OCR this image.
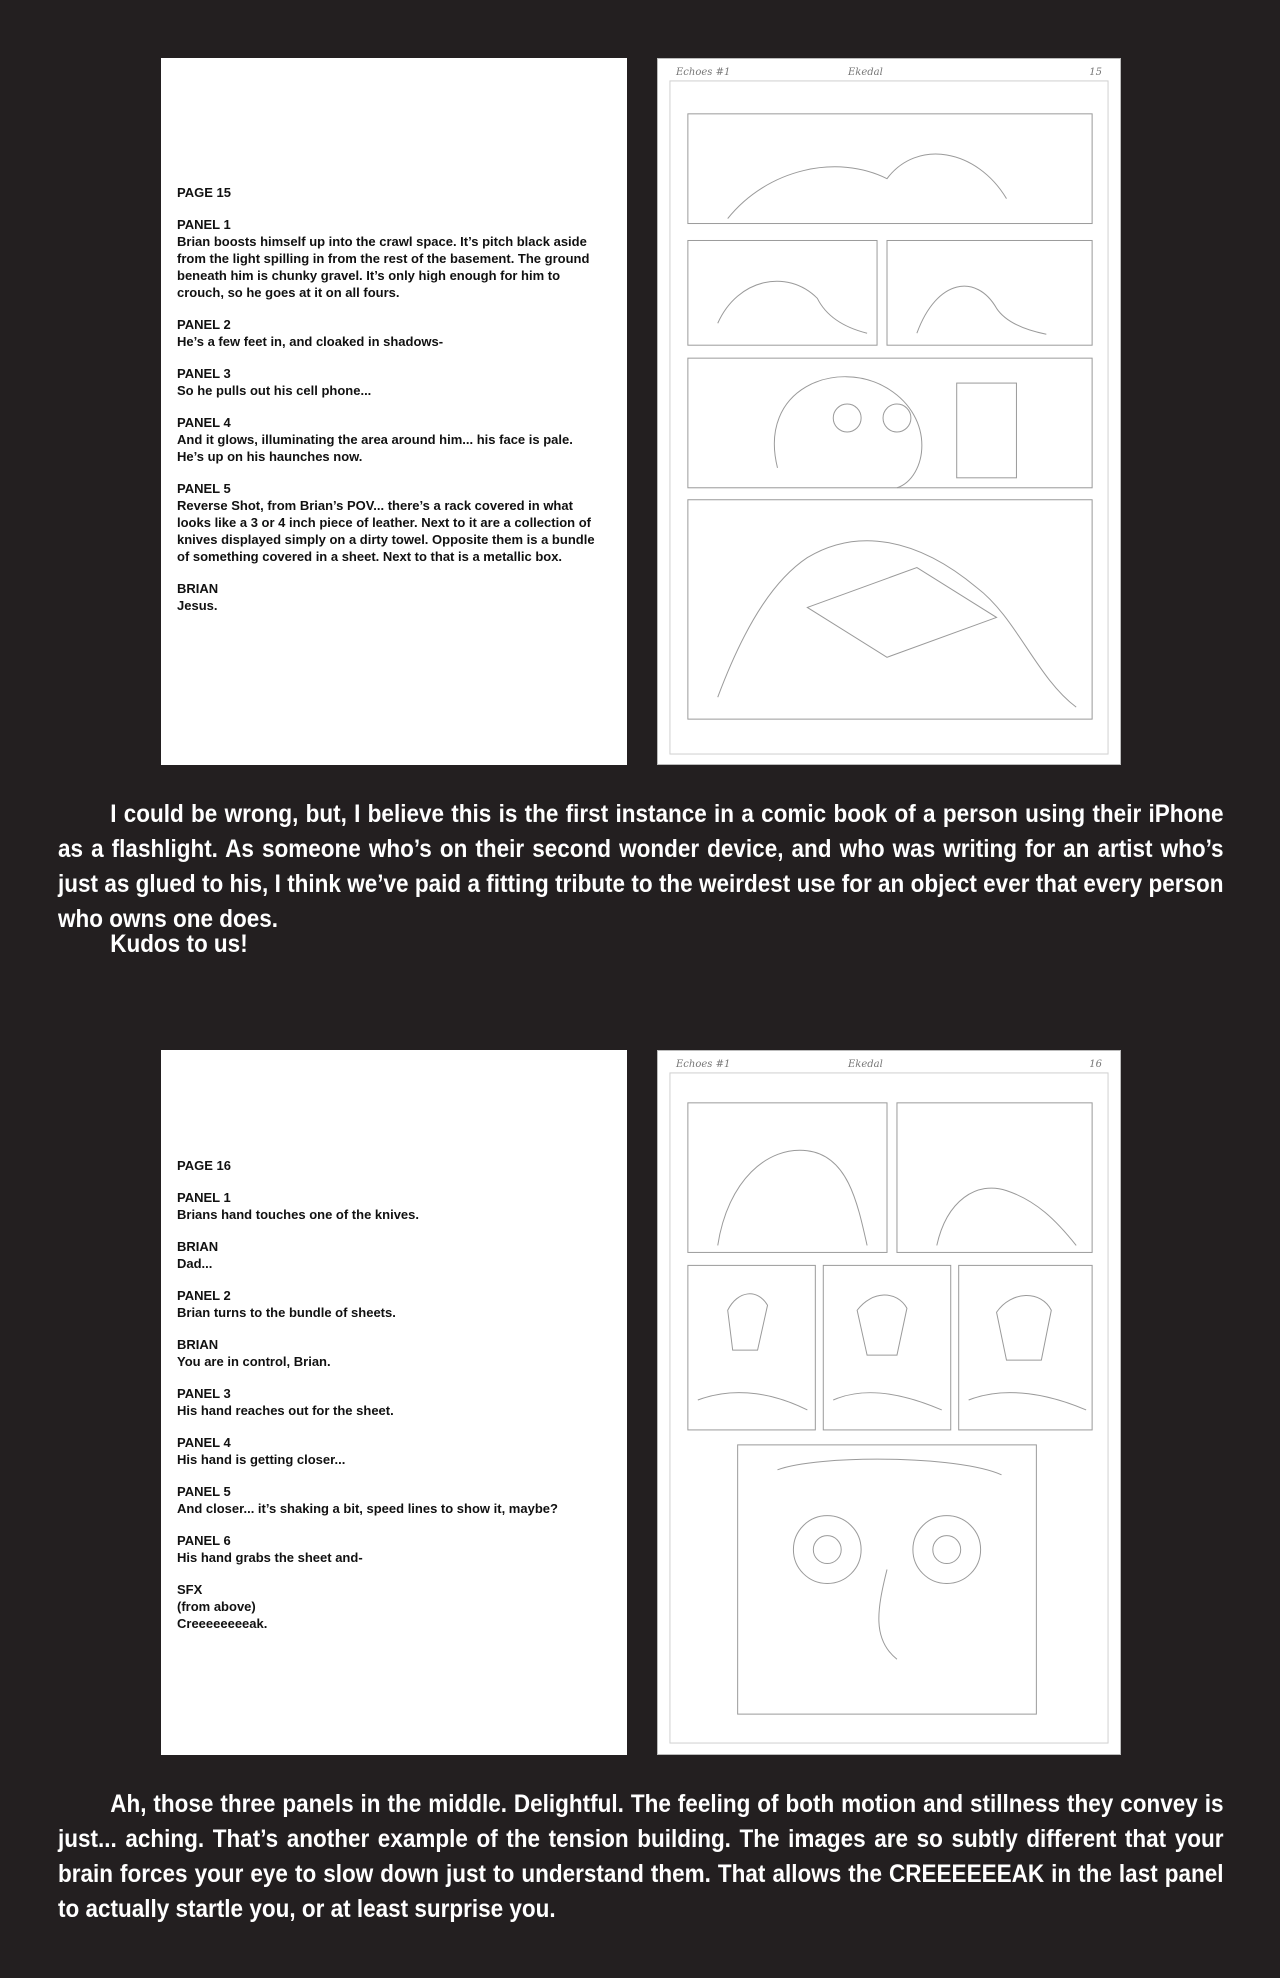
PAGE 15
PANEL 1
Brian boosts himself up into the crawl space. It’s pitch black aside from the light spilling in from the rest of the basement. The ground beneath him is chunky gravel. It’s only high enough for him to crouch, so he goes at it on all fours.
PANEL 2
He’s a few feet in, and cloaked in shadows-
PANEL 3
So he pulls out his cell phone...
PANEL 4
And it glows, illuminating the area around him... his face is pale. He’s up on his haunches now.
PANEL 5
Reverse Shot, from Brian’s POV... there’s a rack covered in what looks like a 3 or 4 inch piece of leather. Next to it are a collection of knives displayed simply on a dirty towel. Opposite them is a bundle of something covered in a sheet. Next to that is a metallic box.
BRIAN
Jesus.
Echoes #1	Ekedal	15

I could be wrong, but, I believe this is the first instance in a comic book of a person using their iPhone as a flashlight. As someone who’s on their second wonder device, and who was writing for an artist who’s just as glued to his, I think we’ve paid a fitting tribute to the weirdest use for an object ever that every person who owns one does.

Kudos to us!

PAGE 16
PANEL 1
Brians hand touches one of the knives.
BRIAN
Dad...
PANEL 2
Brian turns to the bundle of sheets.
BRIAN
You are in control, Brian.
PANEL 3
His hand reaches out for the sheet.
PANEL 4
His hand is getting closer...
PANEL 5
And closer... it’s shaking a bit, speed lines to show it, maybe?
PANEL 6
His hand grabs the sheet and-
SFX
(from above)
Creeeeeeeeak.
Echoes #1	Ekedal	16

Ah, those three panels in the middle. Delightful. The feeling of both motion and stillness they convey is just... aching. That’s another example of the tension building. The images are so subtly different that your brain forces your eye to slow down just to understand them. That allows the CREEEEEEAK in the last panel to actually startle you, or at least surprise you.
